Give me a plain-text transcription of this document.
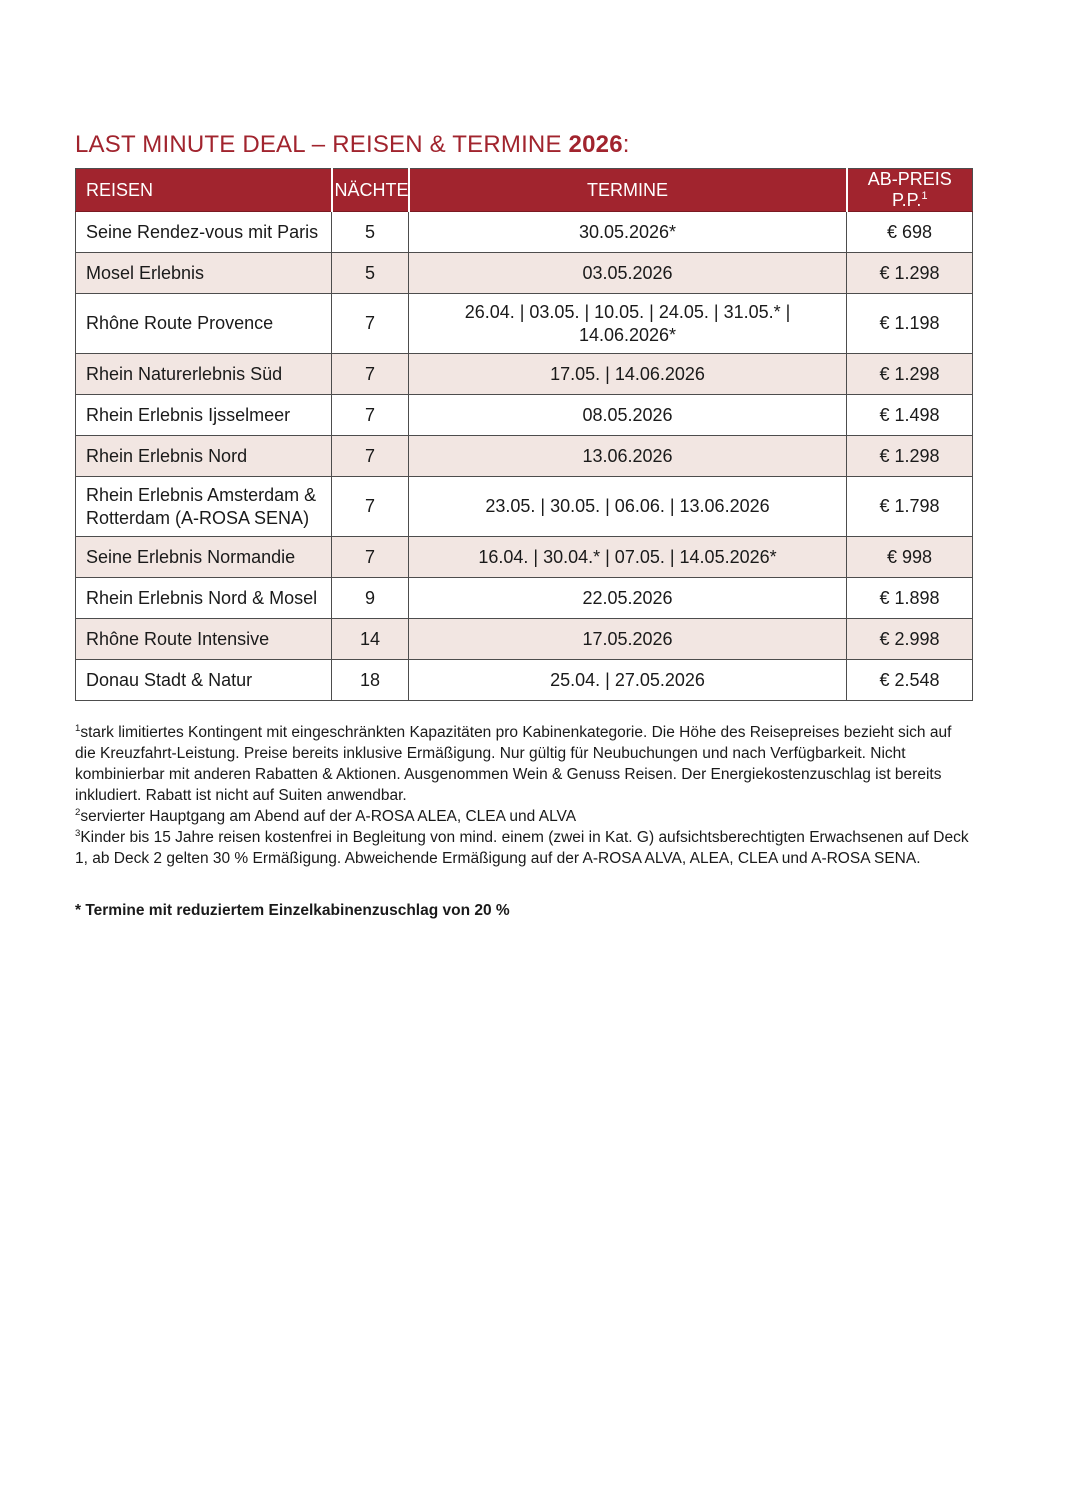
LAST MINUTE DEAL – REISEN & TERMINE 2026:
REISEN	NÄCHTE	TERMINE	AB-PREIS P.P.$^1$
Seine Rendez-vous mit Paris	5	30.05.2026*	€ 698
Mosel Erlebnis	5	03.05.2026	€ 1.298
Rhône Route Provence	7	26.04. | 03.05. | 10.05. | 24.05. | 31.05.* | 14.06.2026*	€ 1.198
Rhein Naturerlebnis Süd	7	17.05. | 14.06.2026	€ 1.298
Rhein Erlebnis Ijsselmeer	7	08.05.2026	€ 1.498
Rhein Erlebnis Nord	7	13.06.2026	€ 1.298
Rhein Erlebnis Amsterdam & Rotterdam (A-ROSA SENA)	7	23.05. | 30.05. | 06.06. | 13.06.2026	€ 1.798
Seine Erlebnis Normandie	7	16.04. | 30.04.* | 07.05. | 14.05.2026*	€ 998
Rhein Erlebnis Nord & Mosel	9	22.05.2026	€ 1.898
Rhône Route Intensive	14	17.05.2026	€ 2.998
Donau Stadt & Natur	18	25.04. | 27.05.2026	€ 2.548

$^1$stark limitiertes Kontingent mit eingeschränkten Kapazitäten pro Kabinenkategorie. Die Höhe des Reisepreises bezieht sich auf die Kreuzfahrt-Leistung. Preise bereits inklusive Ermäßigung. Nur gültig für Neubuchungen und nach Verfügbarkeit. Nicht kombinierbar mit anderen Rabatten & Aktionen. Ausgenommen Wein & Genuss Reisen. Der Energiekostenzuschlag ist bereits inkludiert. Rabatt ist nicht auf Suiten anwendbar.

$^2$servierter Hauptgang am Abend auf der A-ROSA ALEA, CLEA und ALVA

$^3$Kinder bis 15 Jahre reisen kostenfrei in Begleitung von mind. einem (zwei in Kat. G) aufsichtsberechtigten Erwachsenen auf Deck 1, ab Deck 2 gelten 30 % Ermäßigung. Abweichende Ermäßigung auf der A-ROSA ALVA, ALEA, CLEA und A-ROSA SENA.

* Termine mit reduziertem Einzelkabinenzuschlag von 20 %
